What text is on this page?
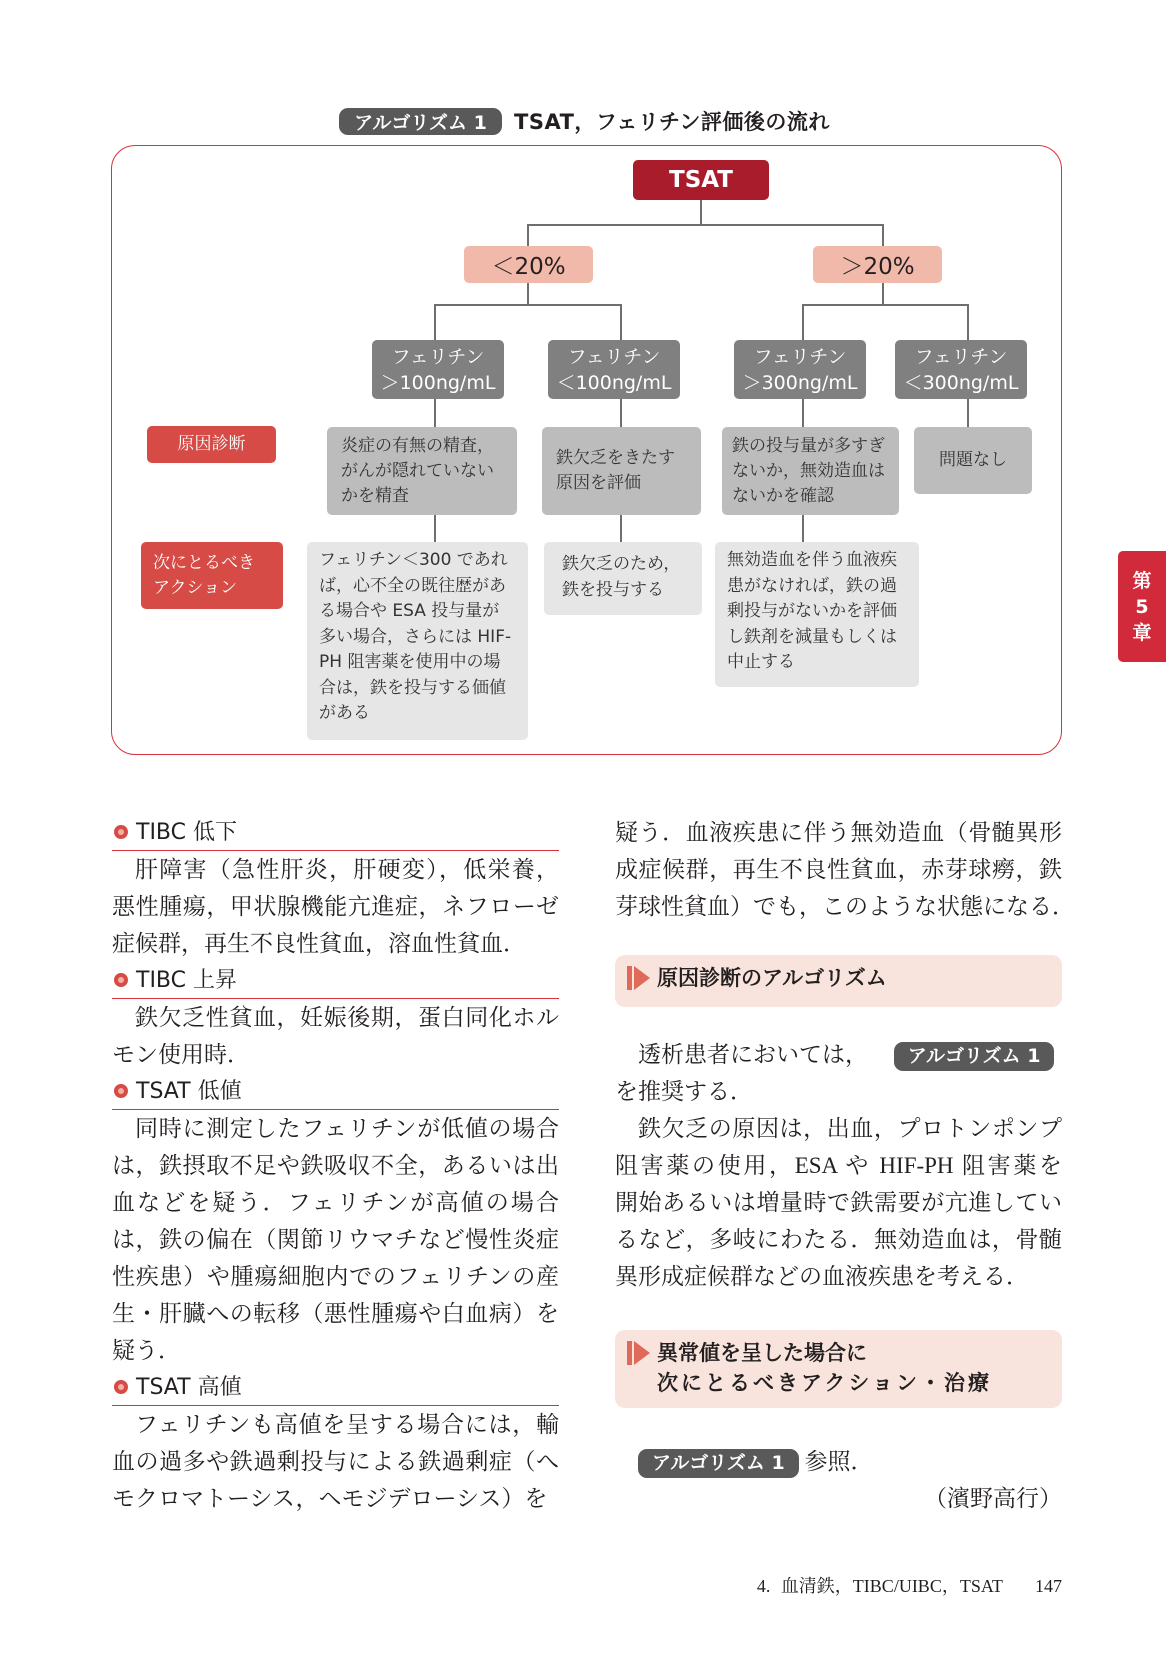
アルゴリズム 1	TSAT，フェリチン評価後の流れ
TSAT
＜20%	＞20%
フェリチン
＞100ng/mL
フェリチン
＜100ng/mL
フェリチン
＞300ng/mL
フェリチン
＜300ng/mL
原因診断
次にとるべきアクション
炎症の有無の精査，がんが隠れていないかを精査
鉄欠乏をきたす原因を評価
鉄の投与量が多すぎないか，無効造血はないかを確認
問題なし
フェリチン＜300 であれば，心不全の既往歴がある場合や ESA 投与量が多い場合，さらには HIF-PH 阻害薬を使用中の場合は，鉄を投与する価値がある
鉄欠乏のため，鉄を投与する
無効造血を伴う血液疾患がなければ，鉄の過剰投与がないかを評価し鉄剤を減量もしくは中止する
第
5
章
TIBC 低下
肝障害（急性肝炎，肝硬変），低栄養，
悪性腫瘍，甲状腺機能亢進症，ネフローゼ
症候群，再生不良性貧血，溶血性貧血．
TIBC 上昇
鉄欠乏性貧血，妊娠後期，蛋白同化ホル
モン使用時．
TSAT 低値
同時に測定したフェリチンが低値の場合
は，鉄摂取不足や鉄吸収不全，あるいは出
血などを疑う．フェリチンが高値の場合
は，鉄の偏在（関節リウマチなど慢性炎症
性疾患）や腫瘍細胞内でのフェリチンの産
生・肝臓への転移（悪性腫瘍や白血病）を
疑う．
TSAT 高値
フェリチンも高値を呈する場合には，輸
血の過多や鉄過剰投与による鉄過剰症（へ
モクロマトーシス，ヘモジデローシス）を
疑う．血液疾患に伴う無効造血（骨髄異形
成症候群，再生不良性貧血，赤芽球癆，鉄
芽球性貧血）でも，このような状態になる．
原因診断のアルゴリズム
透析患者においては， アルゴリズム 1
を推奨する．
鉄欠乏の原因は，出血，プロトンポンプ
阻害薬の使用，ESA や HIF-PH 阻害薬を
開始あるいは増量時で鉄需要が亢進してい
るなど，多岐にわたる．無効造血は，骨髄
異形成症候群などの血液疾患を考える．
異常値を呈した場合に
次にとるべきアクション・治療
アルゴリズム 1 参照．
（濱野高行）
4. 血清鉄，TIBC/UIBC，TSAT 147
